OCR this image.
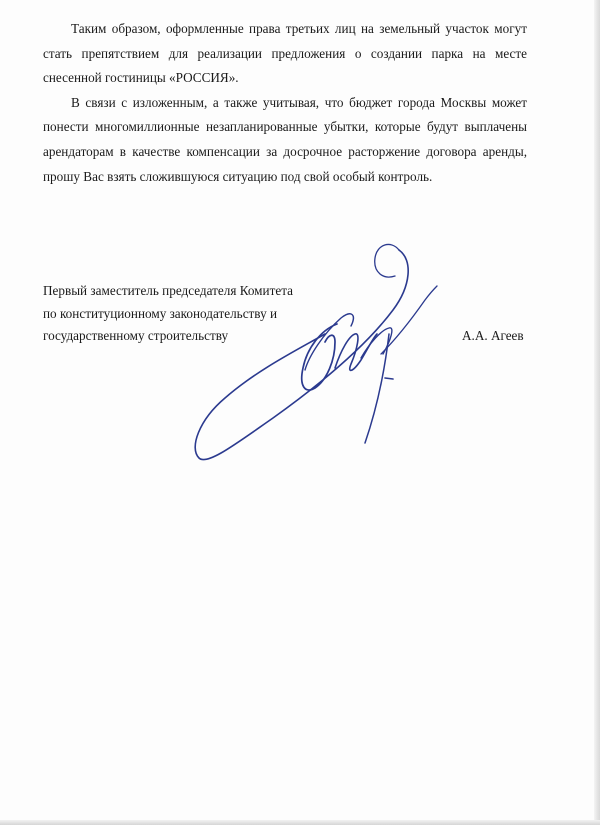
Таким образом, оформленные права третьих лиц на земельный участок могут стать препятствием для реализации предложения о создании парка на месте снесенной гостиницы «РОССИЯ».

В связи с изложенным, а также учитывая, что бюджет города Москвы может понести многомиллионные незапланированные убытки, которые будут выплачены арендаторам в качестве компенсации за досрочное расторжение договора аренды, прошу Вас взять сложившуюся ситуацию под свой особый контроль.

Первый заместитель председателя Комитета
по конституционному законодательству и
государственному строительству	А.А. Агеев
